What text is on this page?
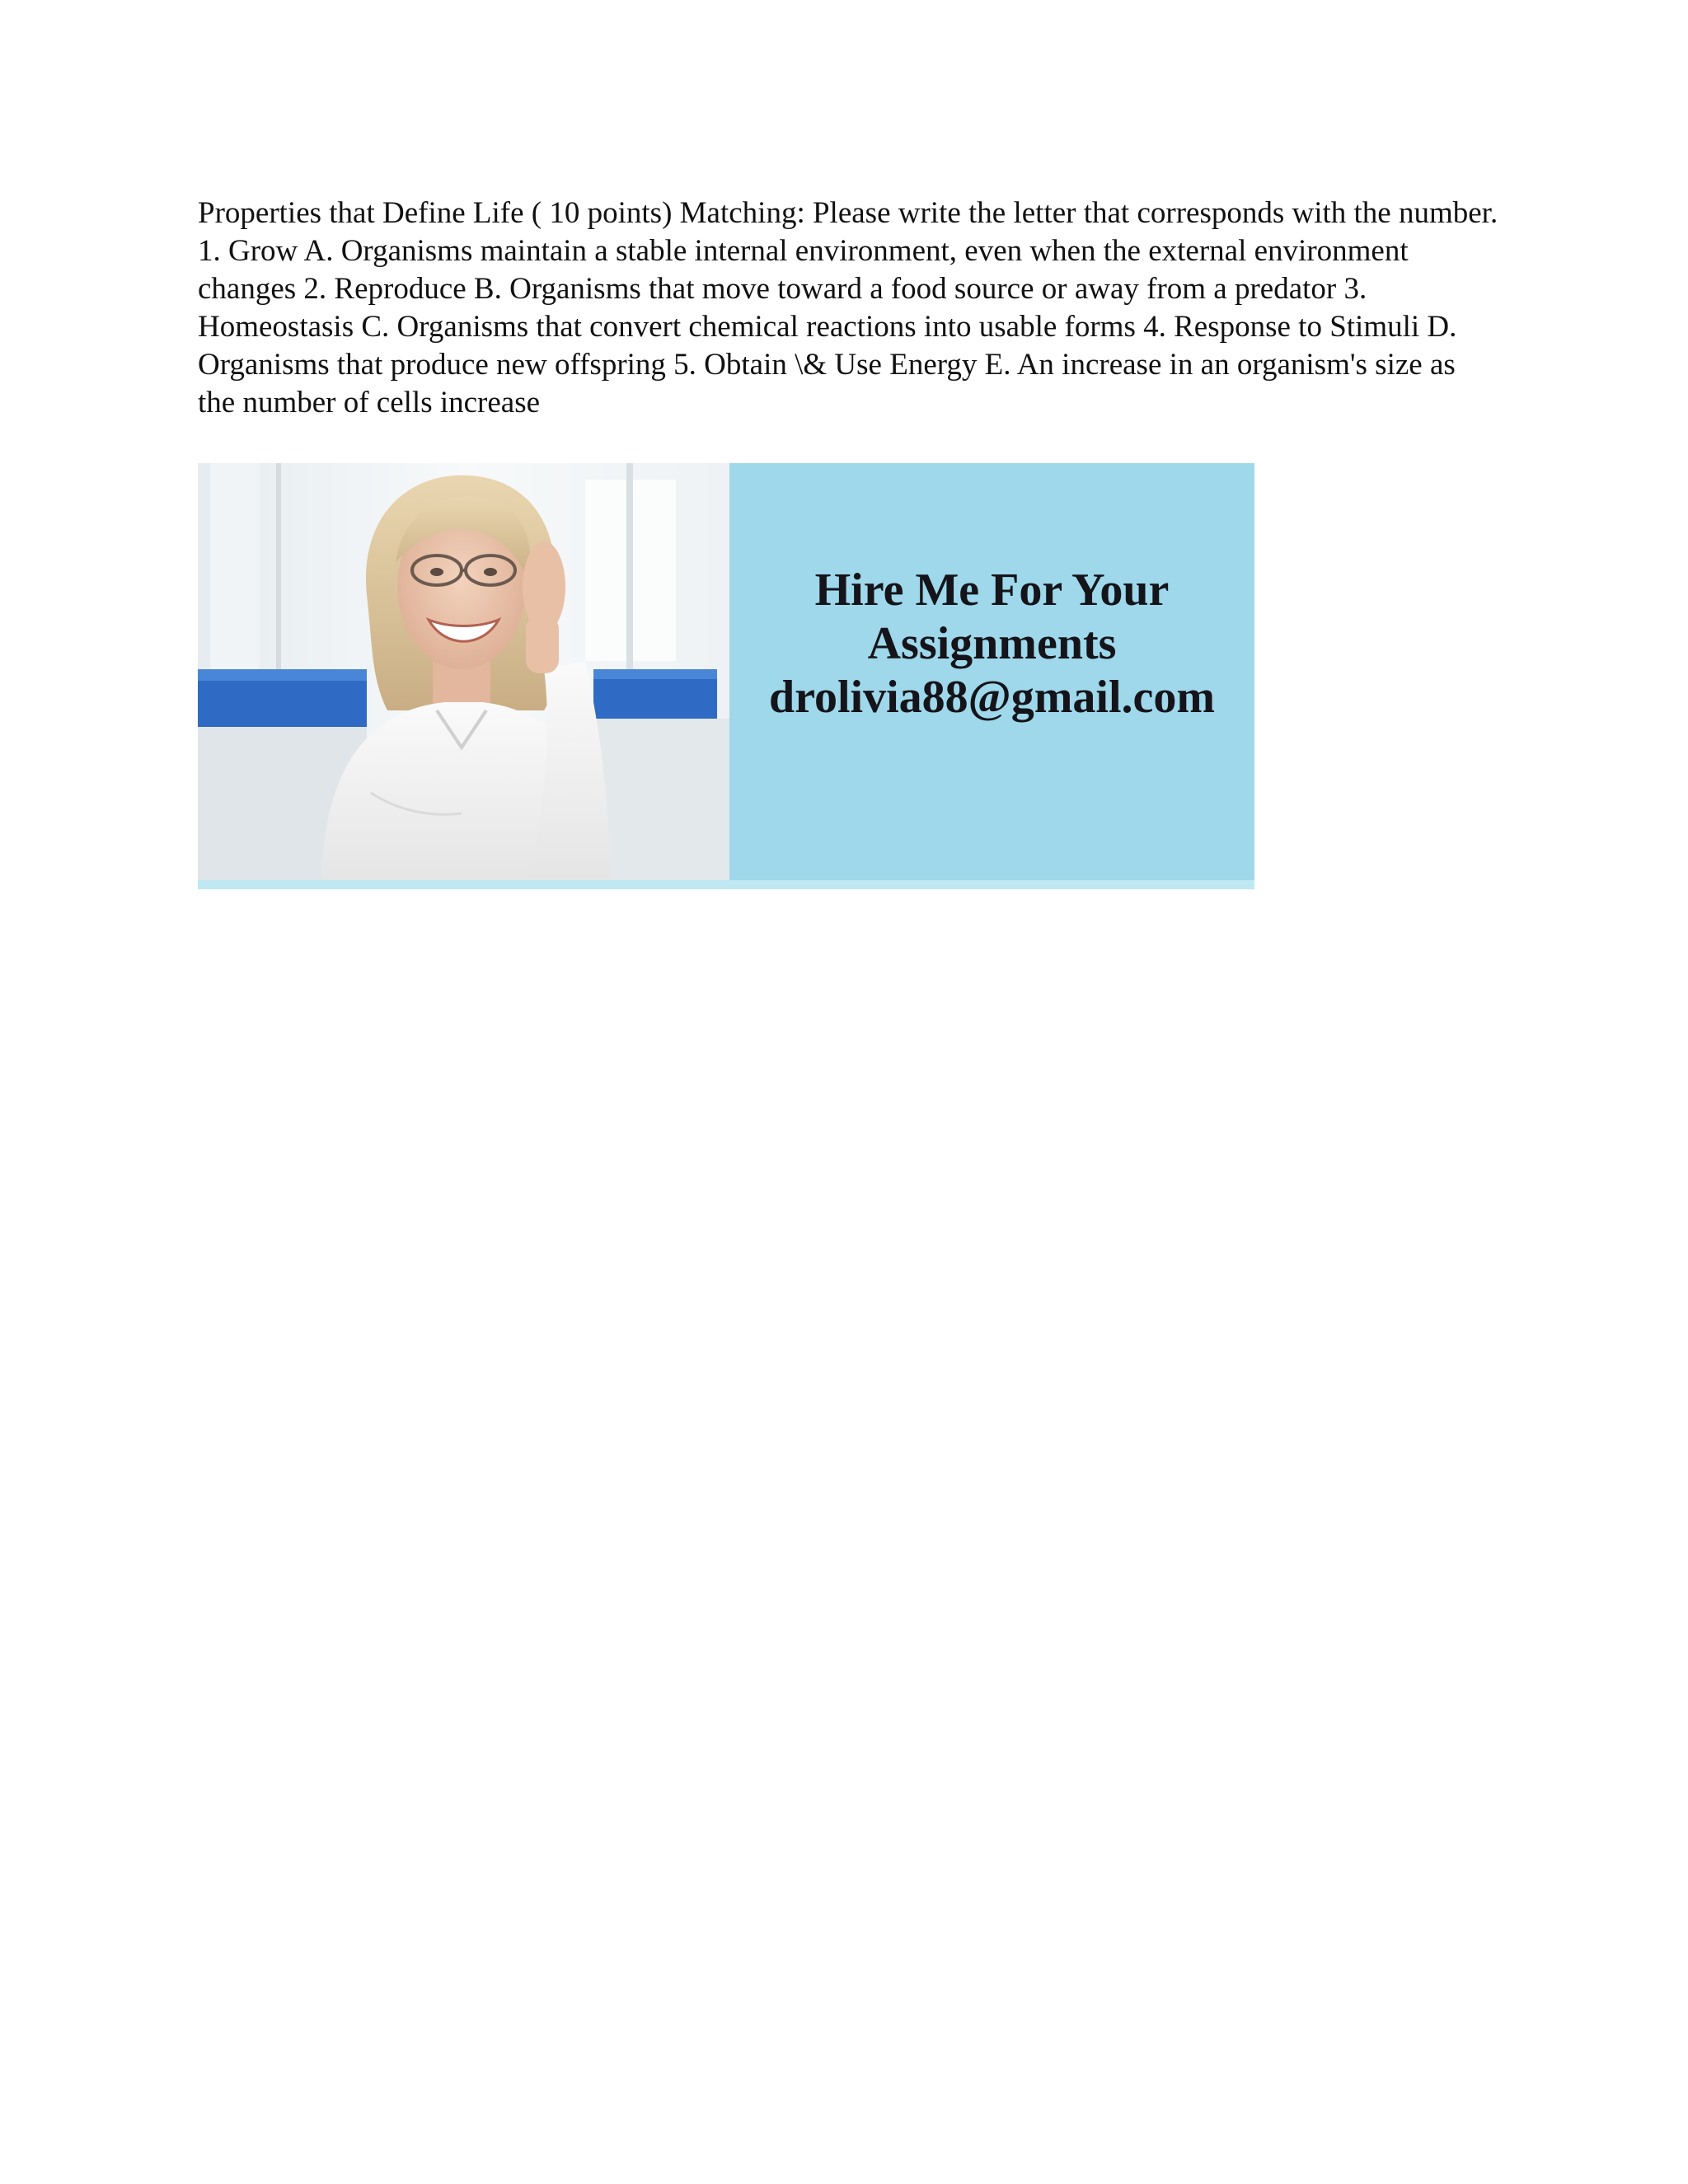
Properties that Define Life ( 10 points) Matching: Please write the letter that corresponds with the number. 1. Grow A. Organisms maintain a stable internal environment, even when the external environment changes 2. Reproduce B. Organisms that move toward a food source or away from a predator 3. Homeostasis C. Organisms that convert chemical reactions into usable forms 4. Response to Stimuli D. Organisms that produce new offspring 5. Obtain \& Use Energy E. An increase in an organism's size as the number of cells increase

Hire Me For Your
Assignments
drolivia88@gmail.com
